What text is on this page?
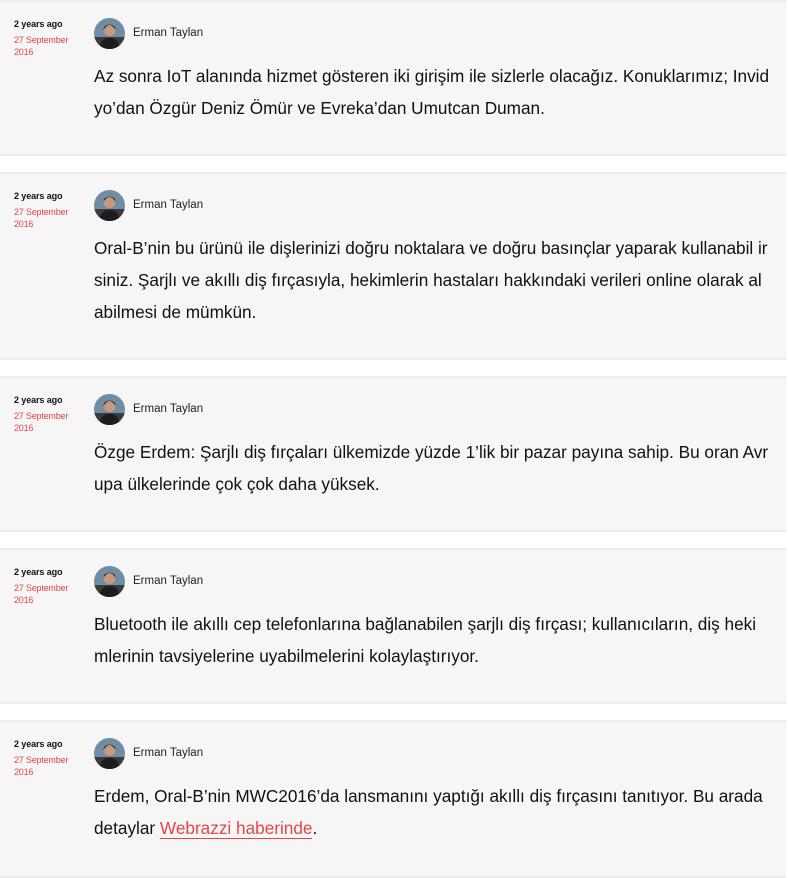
2 years ago
27 September 2016
Erman Taylan
Az sonra IoT alanında hizmet gösteren iki girişim ile sizlerle olacağız. Konuklarımız; Invid yo’dan Özgür Deniz Ömür ve Evreka’dan Umutcan Duman.
2 years ago
27 September 2016
Erman Taylan
Oral-B’nin bu ürünü ile dişlerinizi doğru noktalara ve doğru basınçlar yaparak kullanabil irsiniz. Şarjlı ve akıllı diş fırçasıyla, hekimlerin hastaları hakkındaki verileri online olarak al abilmesi de mümkün.
2 years ago
27 September 2016
Erman Taylan
Özge Erdem: Şarjlı diş fırçaları ülkemizde yüzde 1’lik bir pazar payına sahip. Bu oran Avr upa ülkelerinde çok çok daha yüksek.
2 years ago
27 September 2016
Erman Taylan
Bluetooth ile akıllı cep telefonlarına bağlanabilen şarjlı diş fırçası; kullanıcıların, diş heki mlerinin tavsiyelerine uyabilmelerini kolaylaştırıyor.
2 years ago
27 September 2016
Erman Taylan
Erdem, Oral-B’nin MWC2016’da lansmanını yaptığı akıllı diş fırçasını tanıtıyor. Bu arada detaylar Webrazzi haberinde.
